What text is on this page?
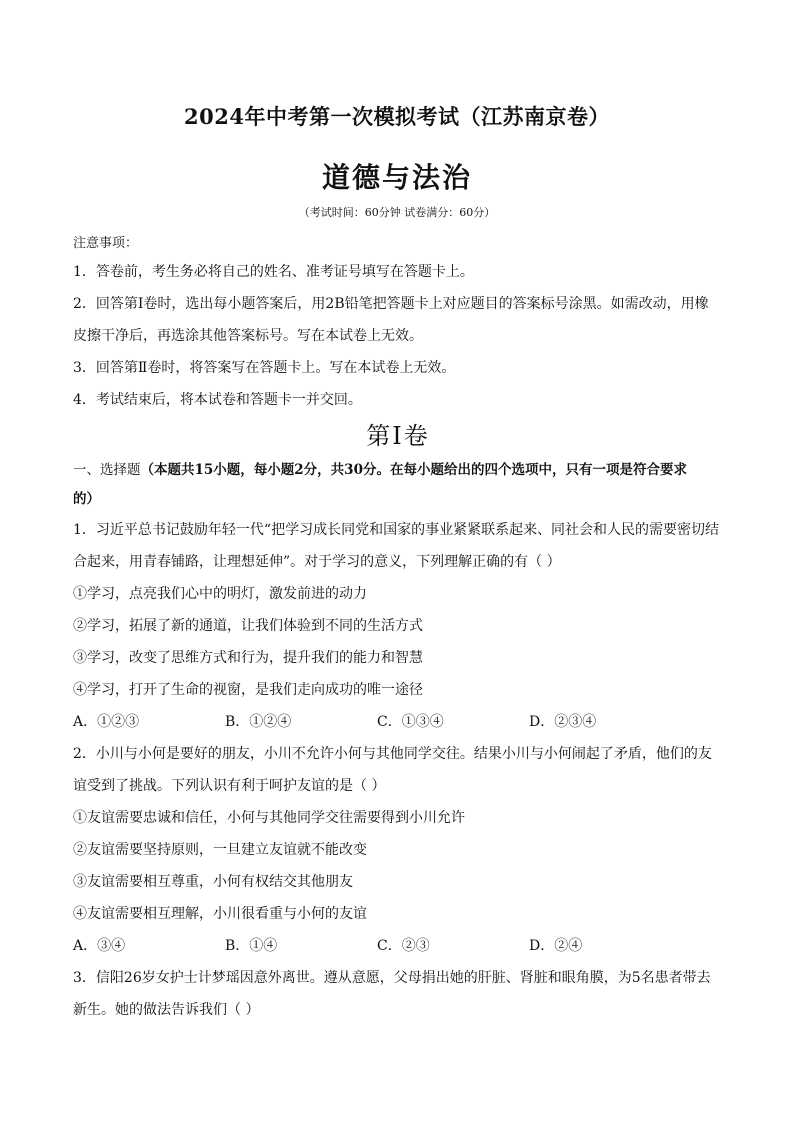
2024年中考第一次模拟考试（江苏南京卷）
道德与法治
（考试时间：60分钟 试卷满分：60分）
注意事项：
1．答卷前，考生务必将自己的姓名、准考证号填写在答题卡上。
2．回答第Ⅰ卷时，选出每小题答案后，用2B铅笔把答题卡上对应题目的答案标号涂黑。如需改动，用橡
皮擦干净后，再选涂其他答案标号。写在本试卷上无效。
3．回答第Ⅱ卷时，将答案写在答题卡上。写在本试卷上无效。
4．考试结束后，将本试卷和答题卡一并交回。
第Ⅰ卷
一、选择题（本题共15小题，每小题2分，共30分。在每小题给出的四个选项中，只有一项是符合要求
的）
1．习近平总书记鼓励年轻一代“把学习成长同党和国家的事业紧紧联系起来、同社会和人民的需要密切结
合起来，用青春铺路，让理想延伸”。对于学习的意义，下列理解正确的有（ ）
①学习，点亮我们心中的明灯，激发前进的动力
②学习，拓展了新的通道，让我们体验到不同的生活方式
③学习，改变了思维方式和行为，提升我们的能力和智慧
④学习，打开了生命的视窗，是我们走向成功的唯一途径
A．①②③	B．①②④	C．①③④	D．②③④
2．小川与小何是要好的朋友，小川不允许小何与其他同学交往。结果小川与小何闹起了矛盾，他们的友
谊受到了挑战。下列认识有利于呵护友谊的是（ ）
①友谊需要忠诚和信任，小何与其他同学交往需要得到小川允许
②友谊需要坚持原则，一旦建立友谊就不能改变
③友谊需要相互尊重，小何有权结交其他朋友
④友谊需要相互理解，小川很看重与小何的友谊
A．③④	B．①④	C．②③	D．②④
3．信阳26岁女护士计梦瑶因意外离世。遵从意愿，父母捐出她的肝脏、肾脏和眼角膜，为5名患者带去
新生。她的做法告诉我们（ ）
